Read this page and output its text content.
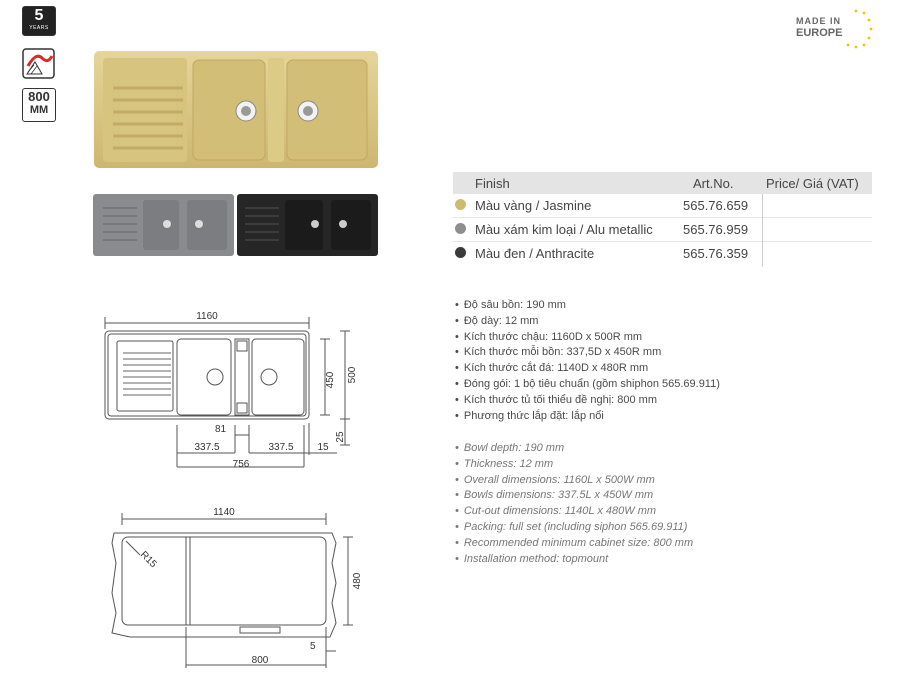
5
YEARS
800
MM
MADE IN
EUROPE
Finish	Art.No.	Price/ Giá (VAT)
Màu vàng / Jasmine	565.76.659
Màu xám kim loại / Alu metallic 565.76.959
Màu đen / Anthracite	565.76.359
1160
450 500
25
81
337.5	337.5 15
756
1140
480
R15
5
800
• Độ sâu bồn: 190 mm
• Độ dày: 12 mm
• Kích thước chậu: 1160D x 500R mm
• Kích thước mỗi bồn: 337,5D x 450R mm
• Kích thước cắt đá: 1140D x 480R mm
• Đóng gói: 1 bộ tiêu chuẩn (gồm shiphon 565.69.911)
• Kích thước tủ tối thiểu đề nghị: 800 mm
• Phương thức lắp đặt: lắp nổi
• Bowl depth: 190 mm
• Thickness: 12 mm
• Overall dimensions: 1160L x 500W mm
• Bowls dimensions: 337.5L x 450W mm
• Cut-out dimensions: 1140L x 480W mm
• Packing: full set (including siphon 565.69.911)
• Recommended minimum cabinet size: 800 mm
• Installation method: topmount
